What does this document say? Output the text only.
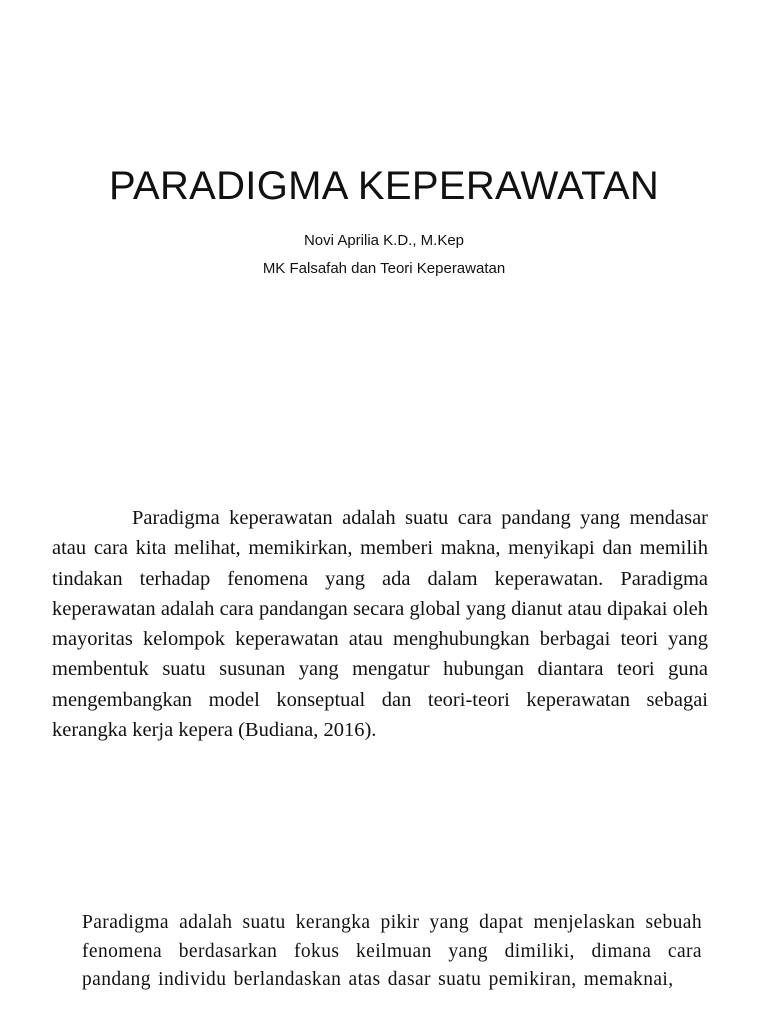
PARADIGMA KEPERAWATAN

Novi Aprilia K.D., M.Kep

MK Falsafah dan Teori Keperawatan

Paradigma keperawatan adalah suatu cara pandang yang mendasar atau cara kita melihat, memikirkan, memberi makna, menyikapi dan memilih tindakan terhadap fenomena yang ada dalam keperawatan. Paradigma keperawatan adalah cara pandangan secara global yang dianut atau dipakai oleh mayoritas kelompok keperawatan atau menghubungkan berbagai teori yang membentuk suatu susunan yang mengatur hubungan diantara teori guna mengembangkan model konseptual dan teori-teori keperawatan sebagai kerangka kerja kepera (Budiana, 2016).

Paradigma adalah suatu kerangka pikir yang dapat menjelaskan sebuah fenomena berdasarkan fokus keilmuan yang dimiliki, dimana cara pandang individu berlandaskan atas dasar suatu pemikiran, memaknai,
